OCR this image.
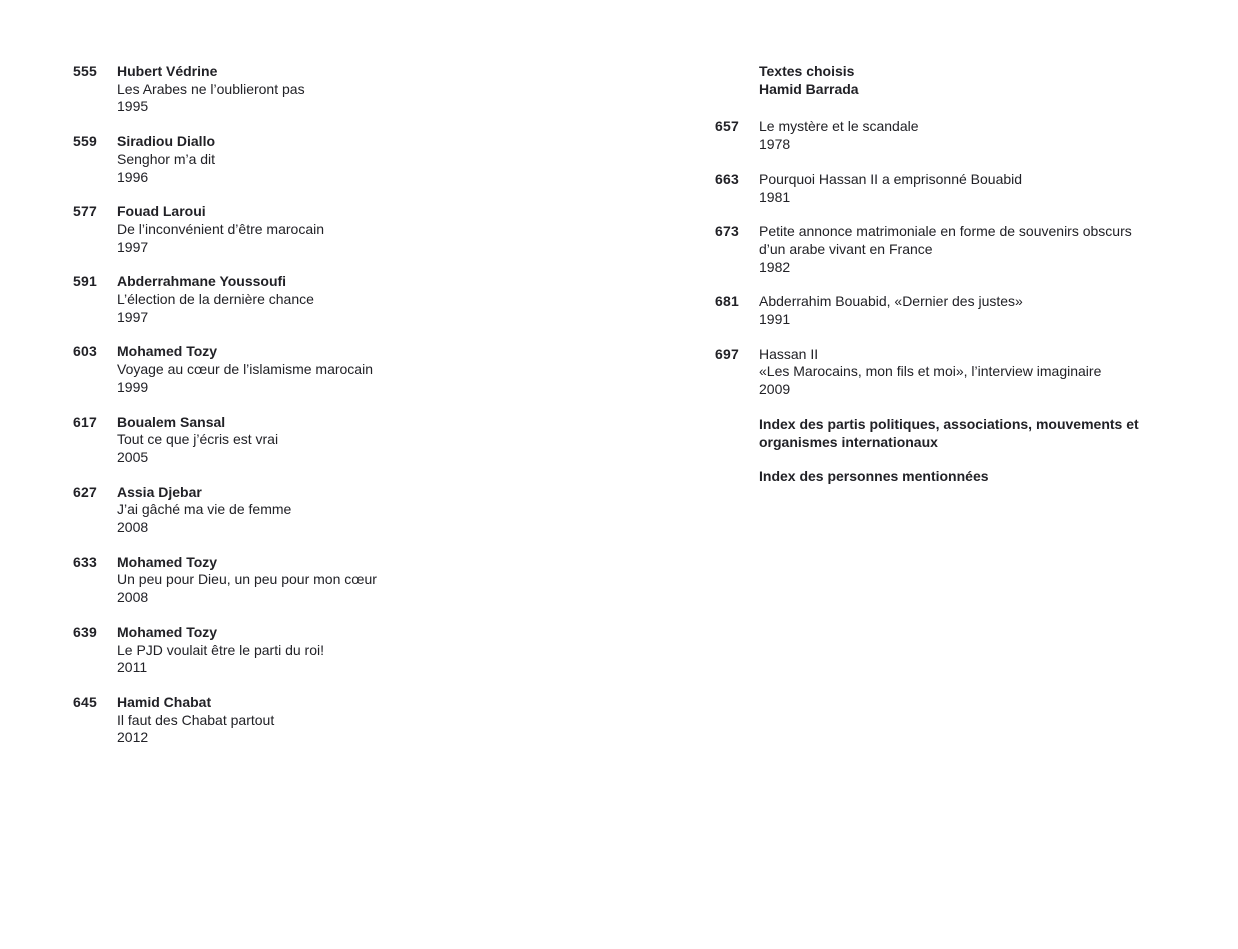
555 Hubert Védrine
Les Arabes ne l’oublieront pas
1995
559 Siradiou Diallo
Senghor m’a dit
1996
577 Fouad Laroui
De l’inconvénient d’être marocain
1997
591 Abderrahmane Youssoufi
L’élection de la dernière chance
1997
603 Mohamed Tozy
Voyage au cœur de l’islamisme marocain
1999
617 Boualem Sansal
Tout ce que j’écris est vrai
2005
627 Assia Djebar
J’ai gâché ma vie de femme
2008
633 Mohamed Tozy
Un peu pour Dieu, un peu pour mon cœur
2008
639 Mohamed Tozy
Le PJD voulait être le parti du roi!
2011
645 Hamid Chabat
Il faut des Chabat partout
2012
Textes choisis
Hamid Barrada
657 Le mystère et le scandale
1978
663 Pourquoi Hassan II a emprisonné Bouabid
1981
673 Petite annonce matrimoniale en forme de souvenirs obscurs
d’un arabe vivant en France
1982
681 Abderrahim Bouabid, «Dernier des justes»
1991
697 Hassan II
«Les Marocains, mon fils et moi», l’interview imaginaire
2009
Index des partis politiques, associations, mouvements et
organismes internationaux
Index des personnes mentionnées
